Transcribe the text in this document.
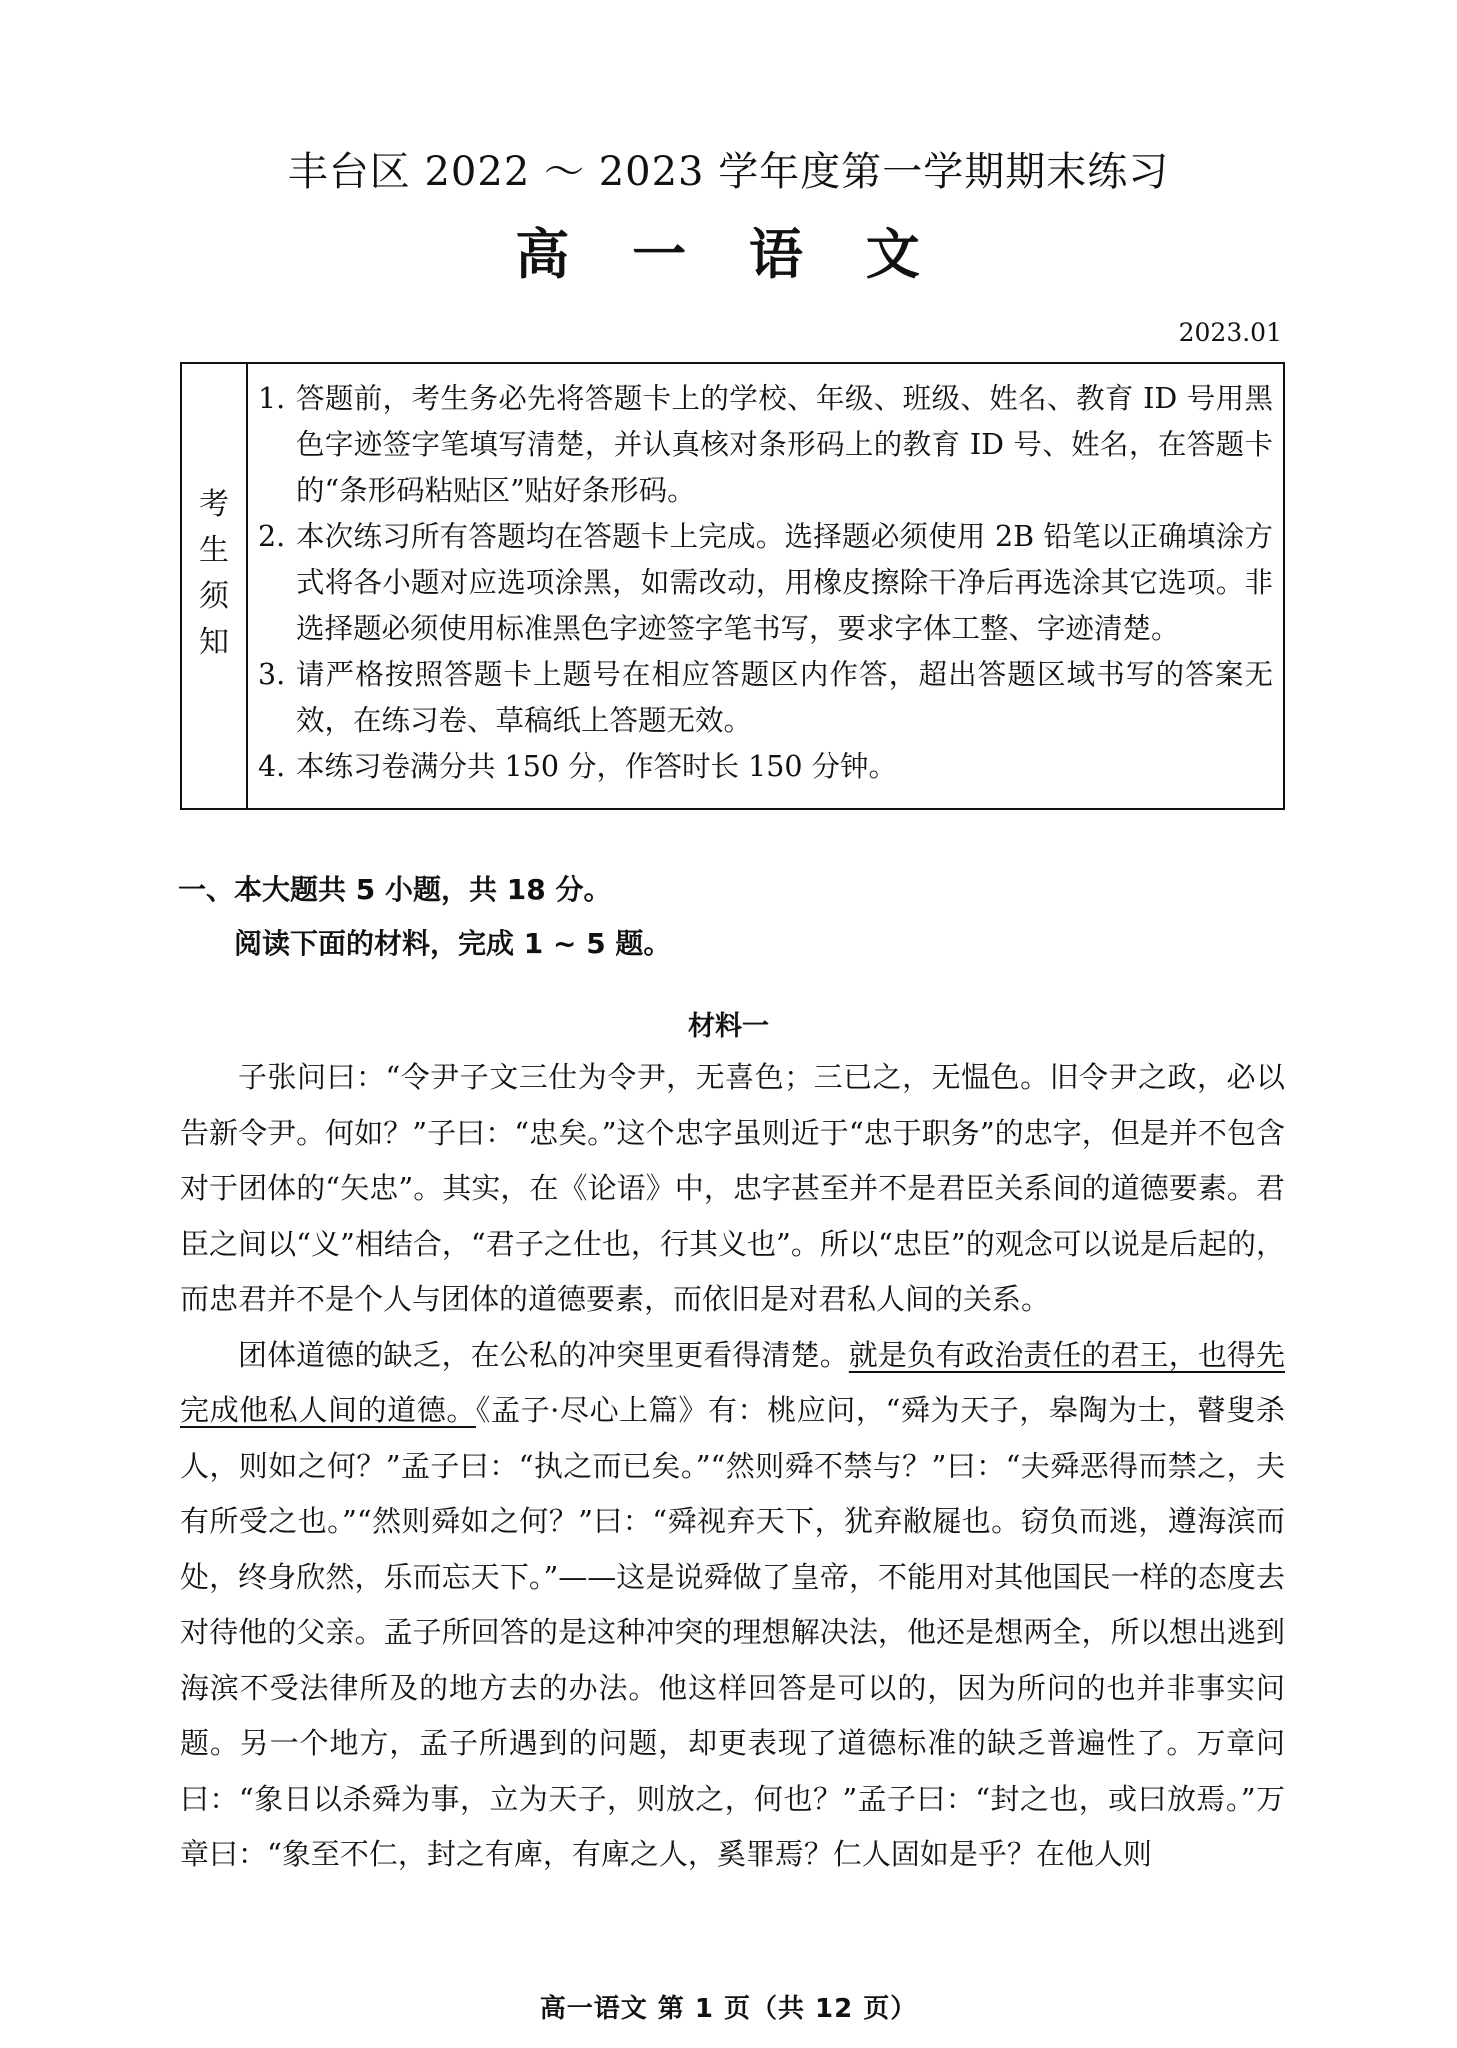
丰台区 2022 ～ 2023 学年度第一学期期末练习
高 一 语 文
2023.01
考
生
须
知
1. 答题前，考生务必先将答题卡上的学校、年级、班级、姓名、教育 ID 号用黑色字迹签字笔填写清楚，并认真核对条形码上的教育 ID 号、姓名，在答题卡的“条形码粘贴区”贴好条形码。
2. 本次练习所有答题均在答题卡上完成。选择题必须使用 2B 铅笔以正确填涂方式将各小题对应选项涂黑，如需改动，用橡皮擦除干净后再选涂其它选项。非选择题必须使用标准黑色字迹签字笔书写，要求字体工整、字迹清楚。
3. 请严格按照答题卡上题号在相应答题区内作答，超出答题区域书写的答案无效，在练习卷、草稿纸上答题无效。
4. 本练习卷满分共 150 分，作答时长 150 分钟。
一、本大题共 5 小题，共 18 分。
阅读下面的材料，完成 1 ~ 5 题。
材料一

子张问曰：“令尹子文三仕为令尹，无喜色；三已之，无愠色。旧令尹之政，必以告新令尹。何如？”子曰：“忠矣。”这个忠字虽则近于“忠于职务”的忠字，但是并不包含对于团体的“矢忠”。其实，在《论语》中，忠字甚至并不是君臣关系间的道德要素。君臣之间以“义”相结合，“君子之仕也，行其义也”。所以“忠臣”的观念可以说是后起的，而忠君并不是个人与团体的道德要素，而依旧是对君私人间的关系。

团体道德的缺乏，在公私的冲突里更看得清楚。就是负有政治责任的君王，也得先完成他私人间的道德。《孟子·尽心上篇》有：桃应问，“舜为天子，皋陶为士，瞽叟杀人，则如之何？”孟子曰：“执之而已矣。”“然则舜不禁与？”曰：“夫舜恶得而禁之，夫有所受之也。”“然则舜如之何？”曰：“舜视弃天下，犹弃敝屣也。窃负而逃，遵海滨而处，终身欣然，乐而忘天下。”——这是说舜做了皇帝，不能用对其他国民一样的态度去对待他的父亲。孟子所回答的是这种冲突的理想解决法，他还是想两全，所以想出逃到海滨不受法律所及的地方去的办法。他这样回答是可以的，因为所问的也并非事实问题。另一个地方，孟子所遇到的问题，却更表现了道德标准的缺乏普遍性了。万章问曰：“象日以杀舜为事，立为天子，则放之，何也？”孟子曰：“封之也，或曰放焉。”万章曰：“象至不仁，封之有庳，有庳之人，奚罪焉？仁人固如是乎？在他人则

高一语文 第 1 页（共 12 页）
